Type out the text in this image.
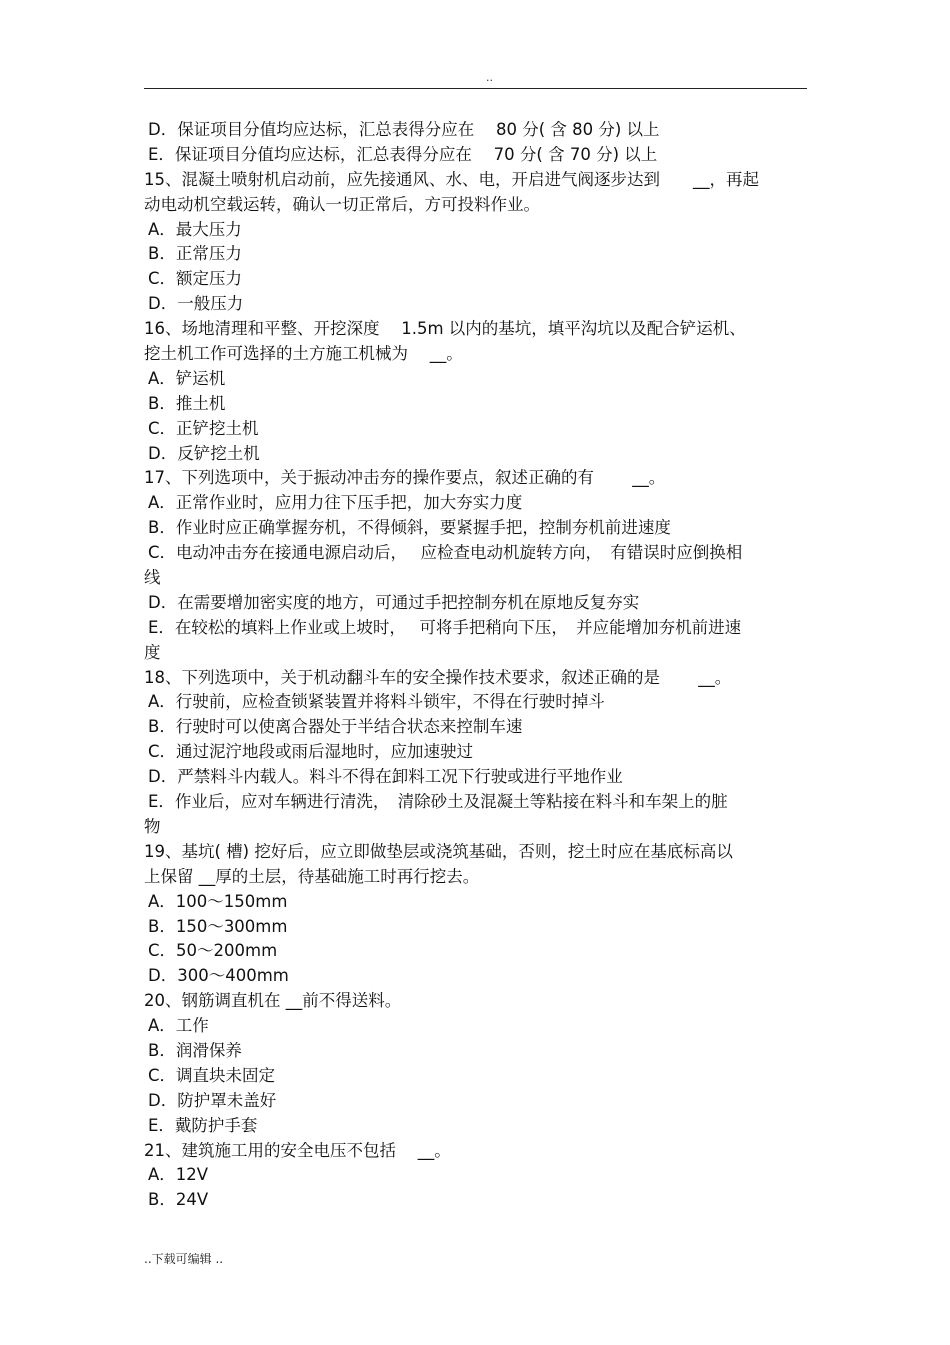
..
D．保证项目分值均应达标，汇总表得分应在　 80 分( 含 80 分) 以上
E．保证项目分值均应达标，汇总表得分应在　 70 分( 含 70 分) 以上
15、混凝土喷射机启动前，应先接通风、水、电，开启进气阀逐步达到　　__，再起
动电动机空载运转，确认一切正常后，方可投料作业。
A．最大压力
B．正常压力
C．额定压力
D．一般压力
16、场地清理和平整、开挖深度　 1.5m 以内的基坑，填平沟坑以及配合铲运机、
挖土机工作可选择的土方施工机械为　 __。
A．铲运机
B．推土机
C．正铲挖土机
D．反铲挖土机
17、下列选项中，关于振动冲击夯的操作要点，叙述正确的有　　 __。
A．正常作业时，应用力往下压手把，加大夯实力度
B．作业时应正确掌握夯机，不得倾斜，要紧握手把，控制夯机前进速度
C．电动冲击夯在接通电源启动后，　 应检查电动机旋转方向，　有错误时应倒换相
线
D．在需要增加密实度的地方，可通过手把控制夯机在原地反复夯实
E．在较松的填料上作业或上坡时，　 可将手把稍向下压，　并应能增加夯机前进速
度
18、下列选项中，关于机动翻斗车的安全操作技术要求，叙述正确的是　　 __。
A．行驶前，应检查锁紧装置并将料斗锁牢，不得在行驶时掉斗
B．行驶时可以使离合器处于半结合状态来控制车速
C．通过泥泞地段或雨后湿地时，应加速驶过
D．严禁料斗内载人。料斗不得在卸料工况下行驶或进行平地作业
E．作业后，应对车辆进行清洗，　清除砂土及混凝土等粘接在料斗和车架上的脏
物
19、基坑( 槽) 挖好后，应立即做垫层或浇筑基础，否则，挖土时应在基底标高以
上保留 __厚的土层，待基础施工时再行挖去。
A．100～150mm
B．150～300mm
C．50～200mm
D．300～400mm
20、钢筋调直机在 __前不得送料。
A．工作
B．润滑保养
C．调直块未固定
D．防护罩未盖好
E．戴防护手套
21、建筑施工用的安全电压不包括　 __。
A．12V
B．24V
..下载可编辑 ..
